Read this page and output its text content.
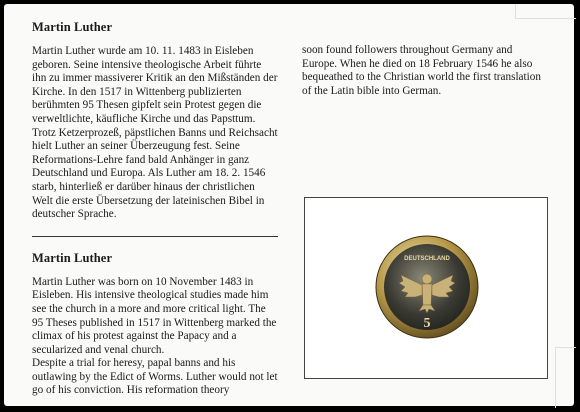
Martin Luther

Martin Luther wurde am 10. 11. 1483 in Eisleben geboren. Seine intensive theologische Arbeit führte ihn zu immer massiverer Kritik an den Mißständen der Kirche. In den 1517 in Wittenberg publizierten berühmten 95 Thesen gipfelt sein Protest gegen die verweltlichte, käufliche Kirche und das Papsttum.

Trotz Ketzerprozeß, päpstlichen Banns und Reichsacht hielt Luther an seiner Überzeugung fest. Seine Reformations-Lehre fand bald Anhänger in ganz Deutschland und Europa. Als Luther am 18. 2. 1546 starb, hinterließ er darüber hinaus der christlichen Welt die erste Übersetzung der lateinischen Bibel in deutscher Sprache.

Martin Luther

Martin Luther was born on 10 November 1483 in Eisleben. His intensive theological studies made him see the church in a more and more critical light. The 95 Theses published in 1517 in Wittenberg marked the climax of his protest against the Papacy and a secularized and venal church.

Despite a trial for heresy, papal banns and his outlawing by the Edict of Worms. Luther would not let go of his conviction. His reformation theory

soon found followers throughout Germany and Europe. When he died on 18 February 1546 he also bequeathed to the Christian world the first translation of the Latin bible into German.

DEUTSCHLAND
5
